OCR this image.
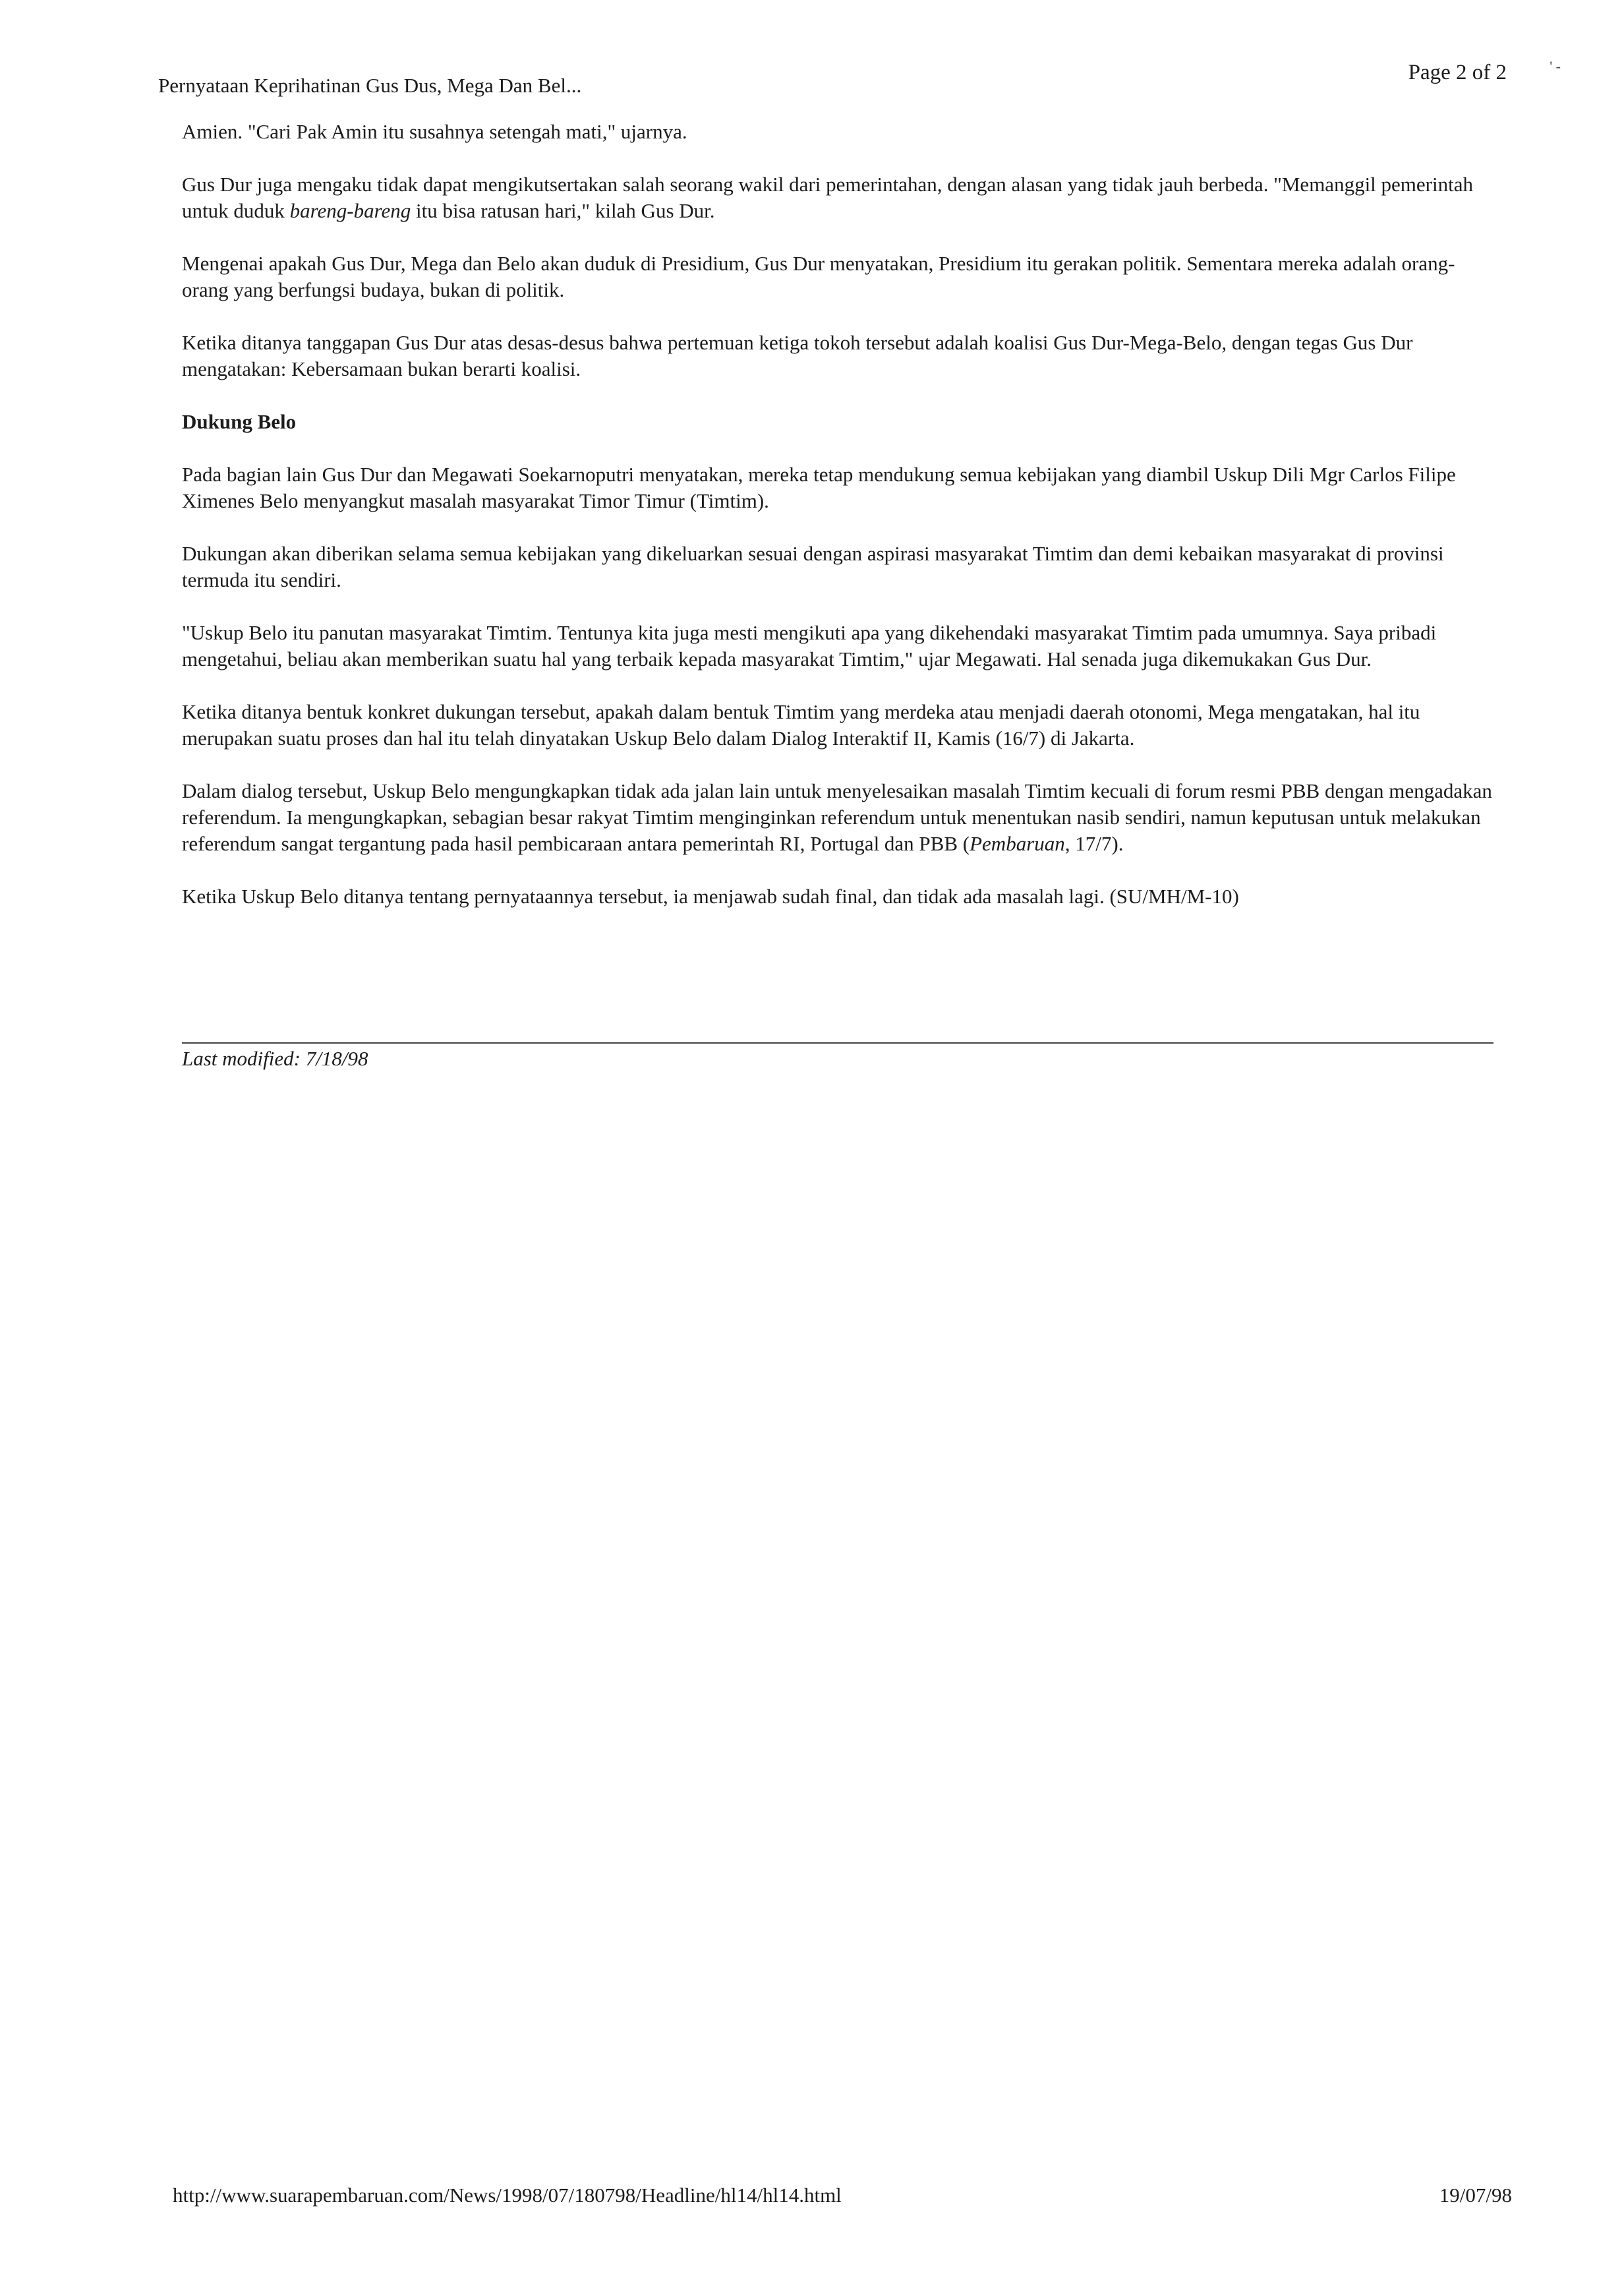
Pernyataan Keprihatinan Gus Dus, Mega Dan Bel...
Page 2 of 2	' ‑

Amien. "Cari Pak Amin itu susahnya setengah mati," ujarnya.

Gus Dur juga mengaku tidak dapat mengikutsertakan salah seorang wakil dari pemerintahan, dengan alasan yang tidak jauh berbeda. "Memanggil pemerintah untuk duduk bareng-bareng itu bisa ratusan hari," kilah Gus Dur.

Mengenai apakah Gus Dur, Mega dan Belo akan duduk di Presidium, Gus Dur menyatakan, Presidium itu gerakan politik. Sementara mereka adalah orang-orang yang berfungsi budaya, bukan di politik.

Ketika ditanya tanggapan Gus Dur atas desas-desus bahwa pertemuan ketiga tokoh tersebut adalah koalisi Gus Dur-Mega-Belo, dengan tegas Gus Dur mengatakan: Kebersamaan bukan berarti koalisi.

Dukung Belo

Pada bagian lain Gus Dur dan Megawati Soekarnoputri menyatakan, mereka tetap mendukung semua kebijakan yang diambil Uskup Dili Mgr Carlos Filipe Ximenes Belo menyangkut masalah masyarakat Timor Timur (Timtim).

Dukungan akan diberikan selama semua kebijakan yang dikeluarkan sesuai dengan aspirasi masyarakat Timtim dan demi kebaikan masyarakat di provinsi termuda itu sendiri.

"Uskup Belo itu panutan masyarakat Timtim. Tentunya kita juga mesti mengikuti apa yang dikehendaki masyarakat Timtim pada umumnya. Saya pribadi mengetahui, beliau akan memberikan suatu hal yang terbaik kepada masyarakat Timtim," ujar Megawati. Hal senada juga dikemukakan Gus Dur.

Ketika ditanya bentuk konkret dukungan tersebut, apakah dalam bentuk Timtim yang merdeka atau menjadi daerah otonomi, Mega mengatakan, hal itu merupakan suatu proses dan hal itu telah dinyatakan Uskup Belo dalam Dialog Interaktif II, Kamis (16/7) di Jakarta.

Dalam dialog tersebut, Uskup Belo mengungkapkan tidak ada jalan lain untuk menyelesaikan masalah Timtim kecuali di forum resmi PBB dengan mengadakan referendum. Ia mengungkapkan, sebagian besar rakyat Timtim menginginkan referendum untuk menentukan nasib sendiri, namun keputusan untuk melakukan referendum sangat tergantung pada hasil pembicaraan antara pemerintah RI, Portugal dan PBB (Pembaruan, 17/7).

Ketika Uskup Belo ditanya tentang pernyataannya tersebut, ia menjawab sudah final, dan tidak ada masalah lagi. (SU/MH/M-10)

Last modified: 7/18/98
http://www.suarapembaruan.com/News/1998/07/180798/Headline/hl14/hl14.html	19/07/98
